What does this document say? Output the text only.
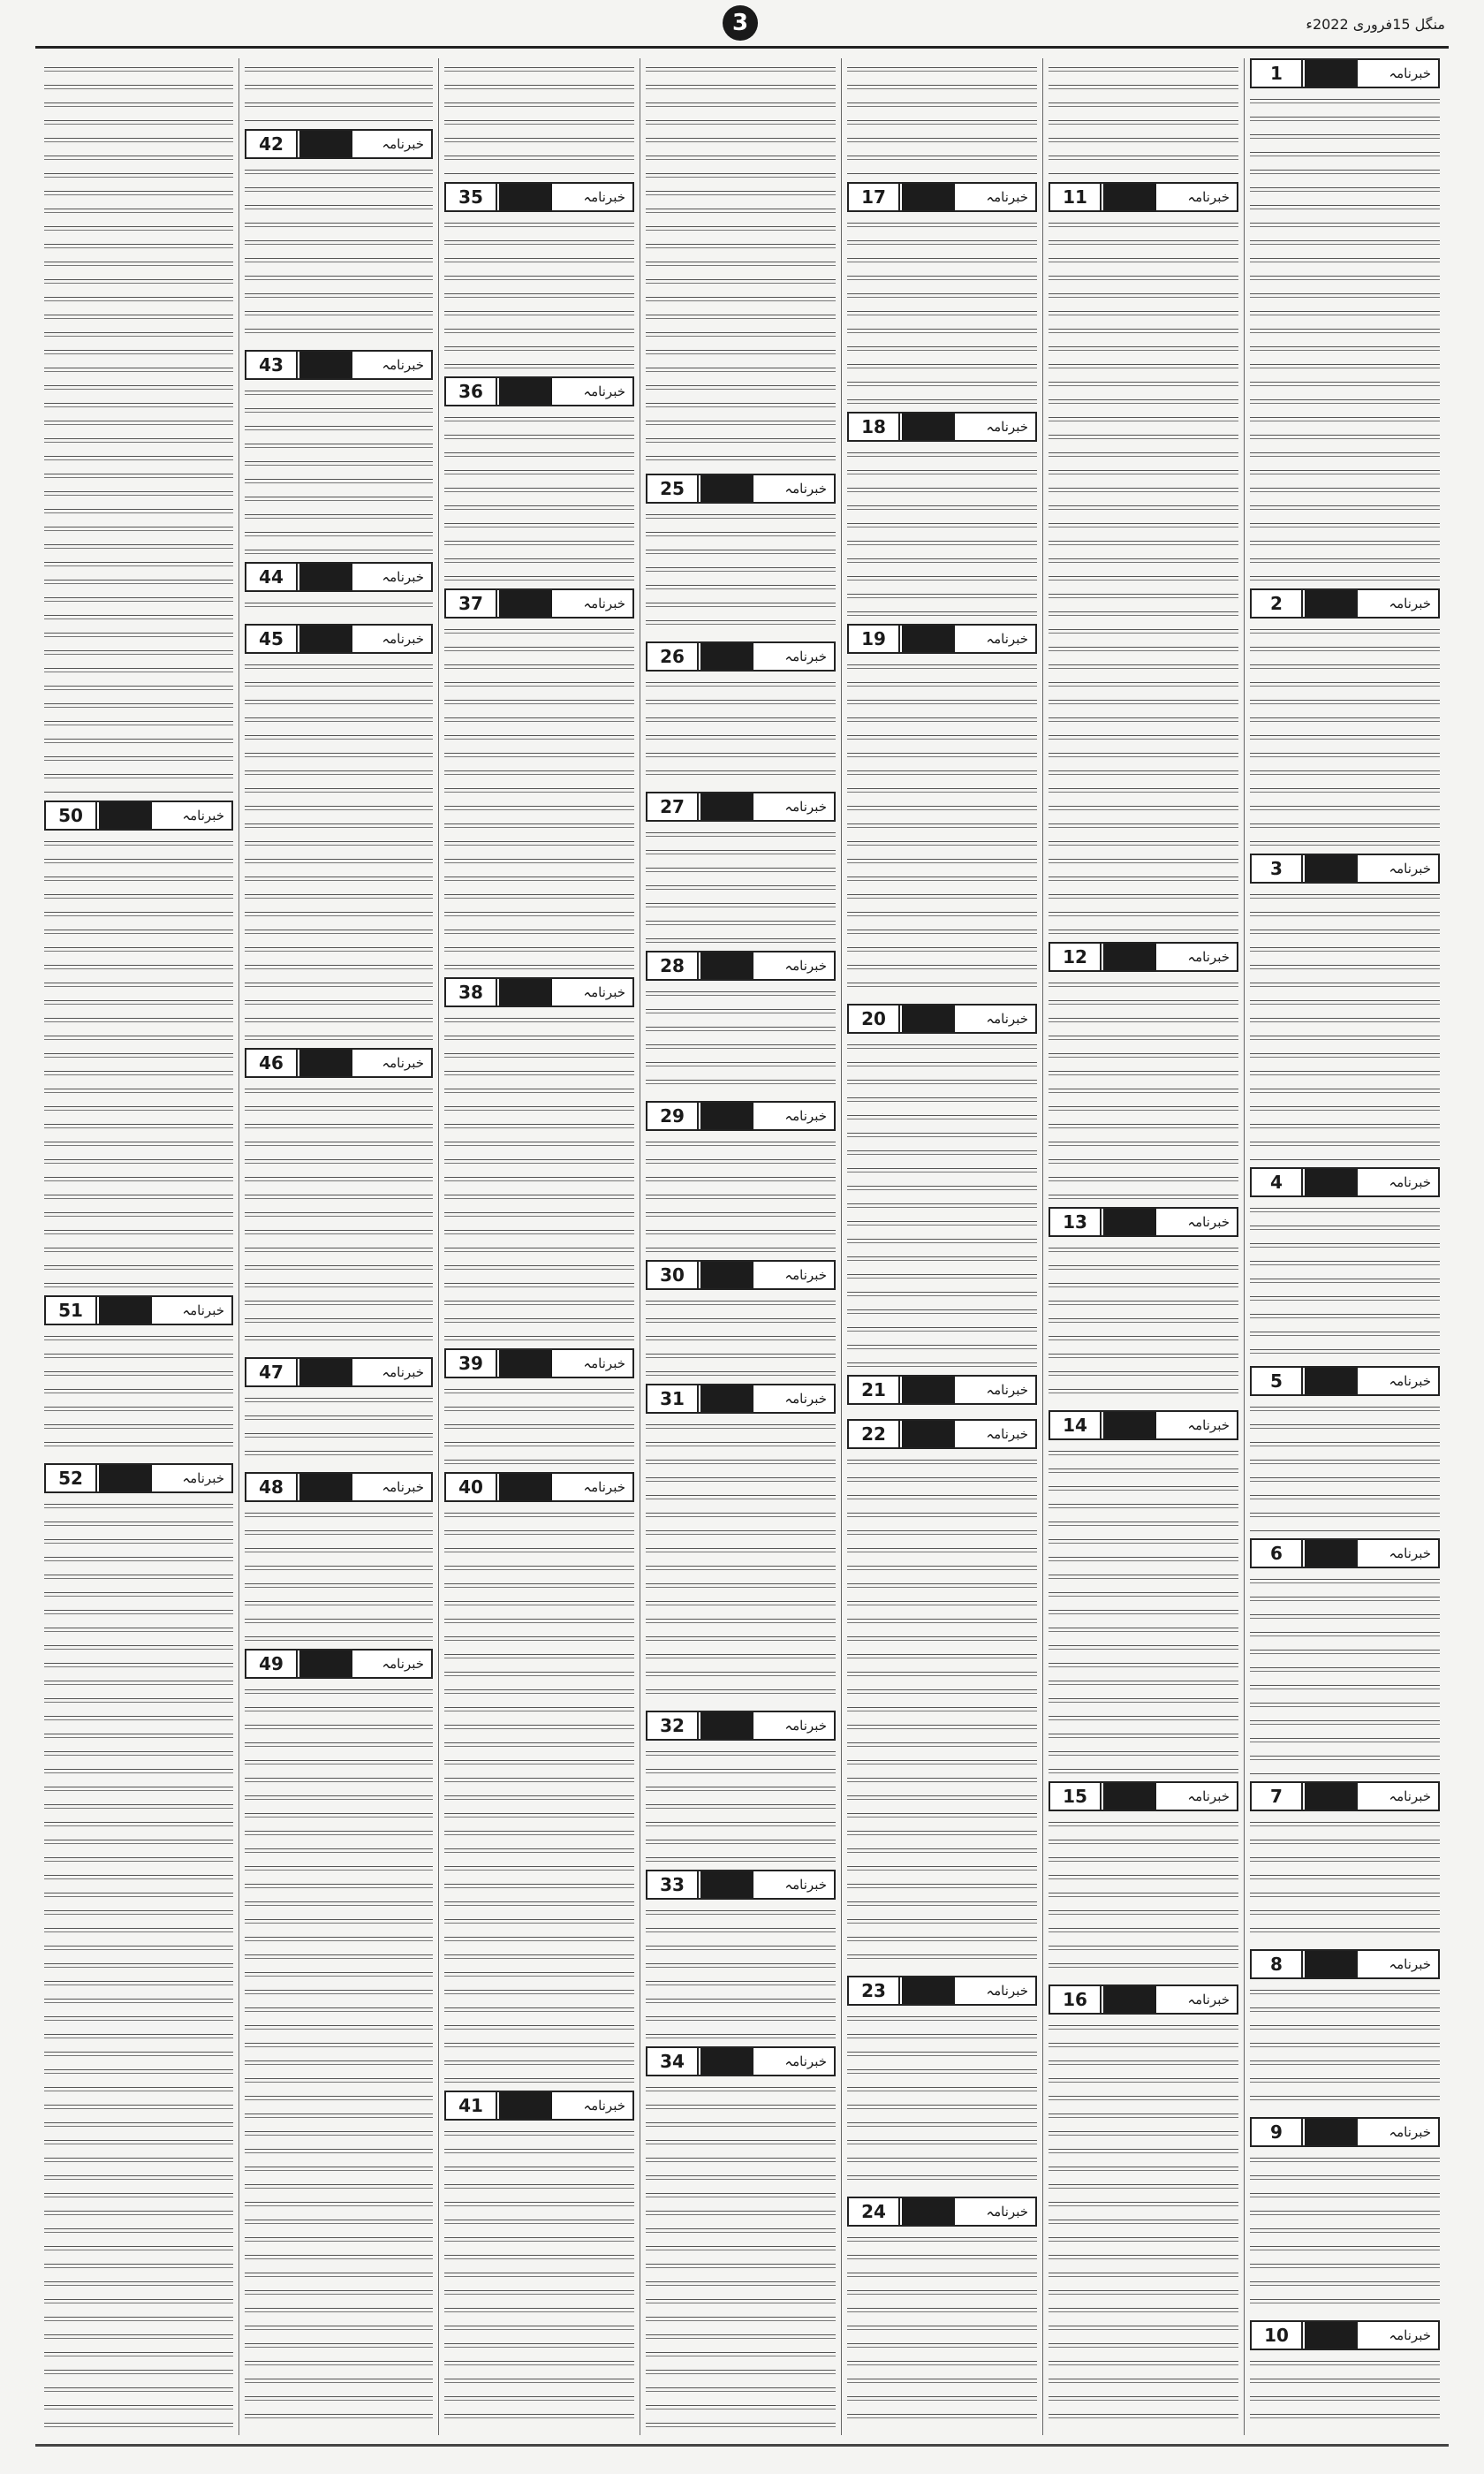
3	منگل 15فروری 2022ء
1	خبرنامہ
2	خبرنامہ
3	خبرنامہ
4	خبرنامہ
5	خبرنامہ
6	خبرنامہ
7	خبرنامہ
8	خبرنامہ
9	خبرنامہ
10	خبرنامہ
11	خبرنامہ
12	خبرنامہ
13	خبرنامہ
14	خبرنامہ
15	خبرنامہ
16	خبرنامہ
17	خبرنامہ
18	خبرنامہ
19	خبرنامہ
20	خبرنامہ
21	خبرنامہ
22	خبرنامہ
23	خبرنامہ
24	خبرنامہ
25	خبرنامہ
26	خبرنامہ
27	خبرنامہ
28	خبرنامہ
29	خبرنامہ
30	خبرنامہ
31	خبرنامہ
32	خبرنامہ
33	خبرنامہ
34	خبرنامہ
35	خبرنامہ
36	خبرنامہ
37	خبرنامہ
38	خبرنامہ
39	خبرنامہ
40	خبرنامہ
41	خبرنامہ
42	خبرنامہ
43	خبرنامہ
44	خبرنامہ
45	خبرنامہ
46	خبرنامہ
47	خبرنامہ
48	خبرنامہ
49	خبرنامہ
50	خبرنامہ
51	خبرنامہ
52	خبرنامہ
